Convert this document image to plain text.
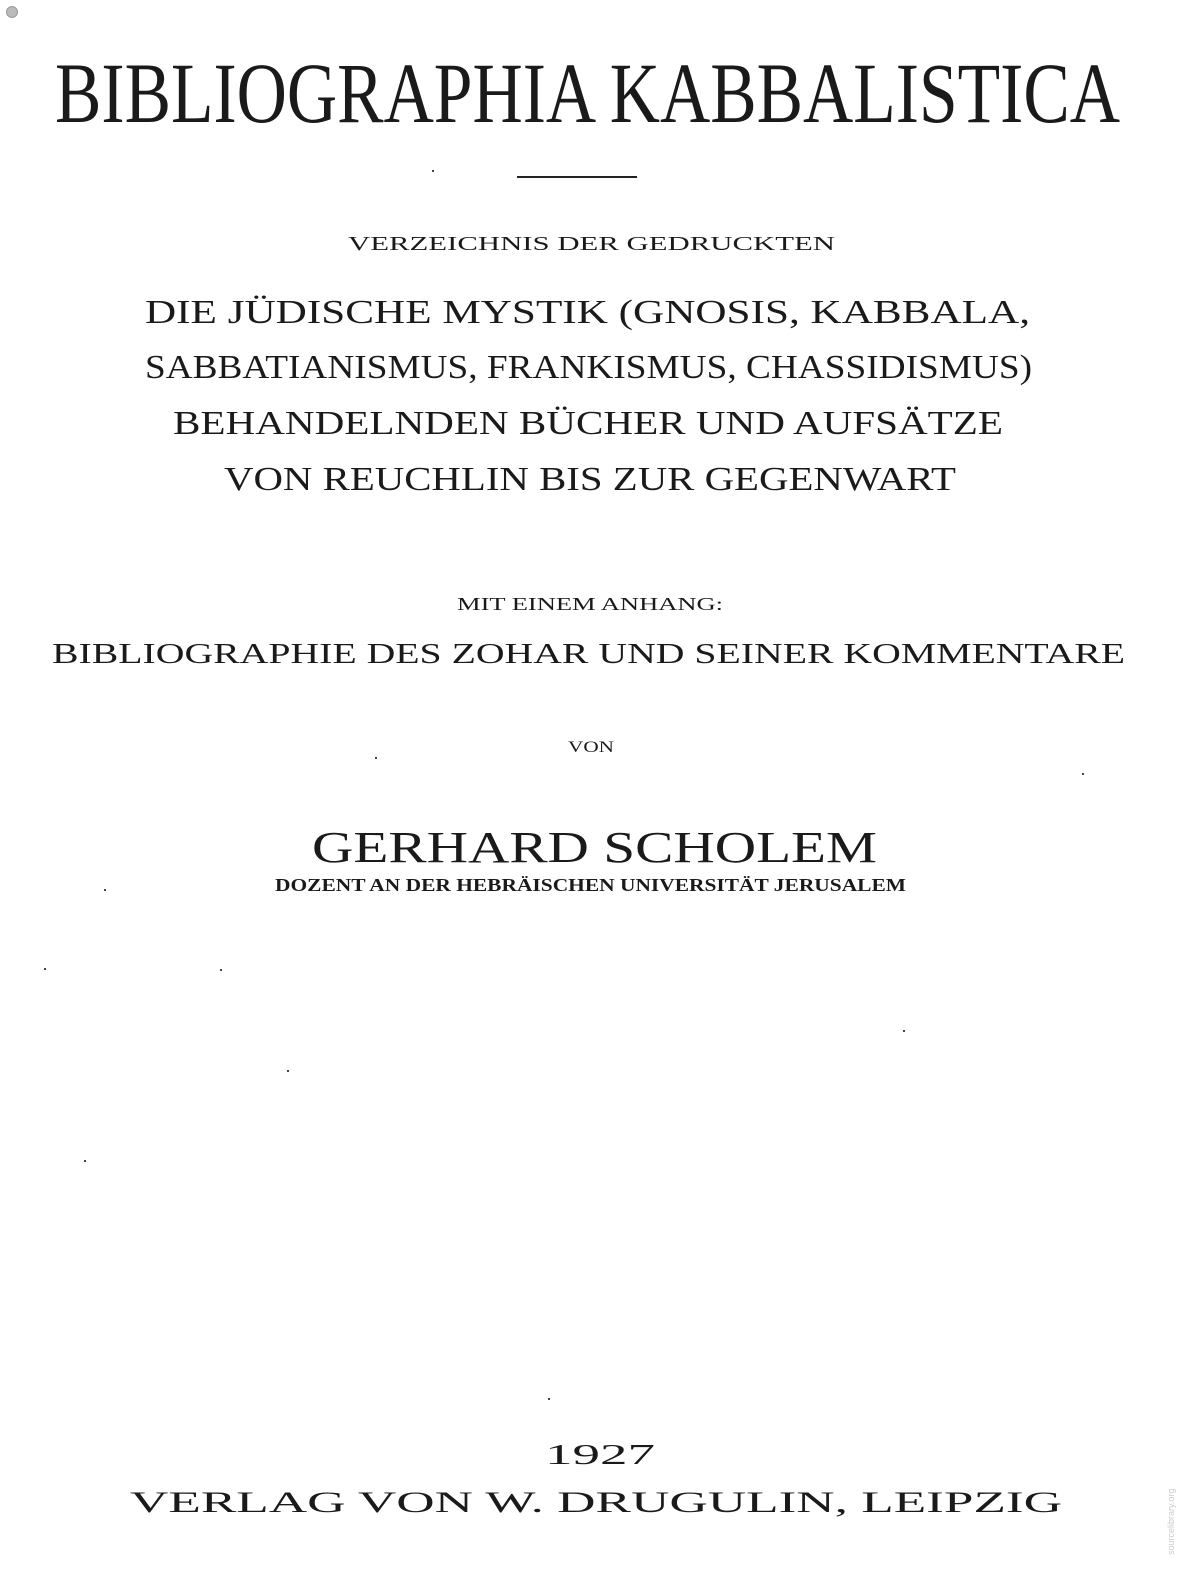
BIBLIOGRAPHIA KABBALISTICA
VERZEICHNIS DER GEDRUCKTEN
DIE JÜDISCHE MYSTIK (GNOSIS, KABBALA,
SABBATIANISMUS, FRANKISMUS, CHASSIDISMUS)
BEHANDELNDEN BÜCHER UND AUFSÄTZE
VON REUCHLIN BIS ZUR GEGENWART
MIT EINEM ANHANG:
BIBLIOGRAPHIE DES ZOHAR UND SEINER KOMMENTARE
VON
GERHARD SCHOLEM
DOZENT AN DER HEBRÄISCHEN UNIVERSITÄT JERUSALEM
1927
VERLAG VON W. DRUGULIN, LEIPZIG	sourcelibrary.org
